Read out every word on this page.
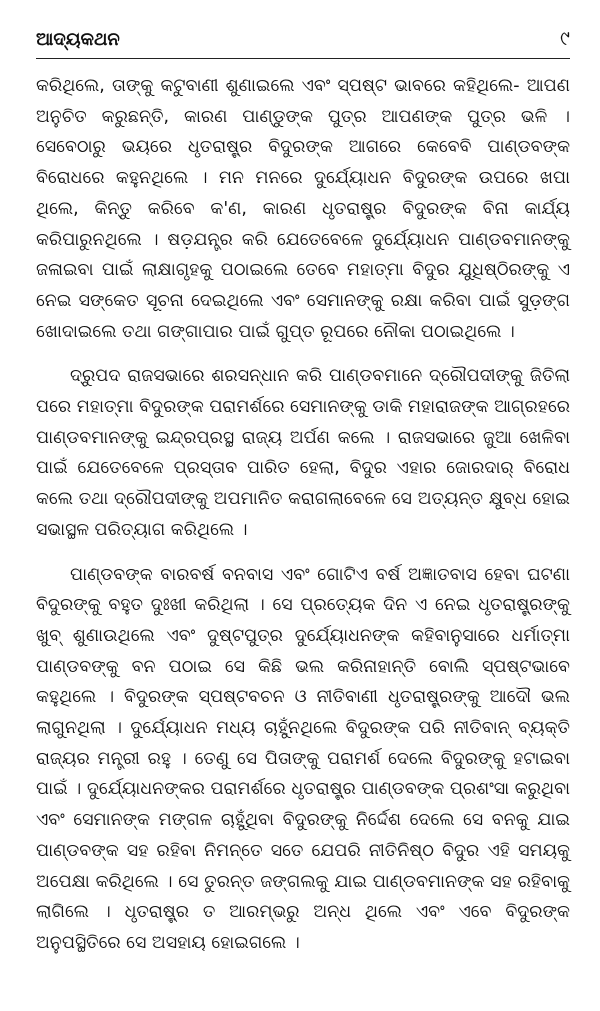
ଆଦ୍ୟକଥନ	୯

କରିଥିଲେ, ତାଙ୍କୁ କଟୁବାଣୀ ଶୁଣାଇଲେ ଏବଂ ସ୍ପଷ୍ଟ ଭାବରେ କହିଥିଲେ- ଆପଣ ଅନୁଚିତ କରୁଛନ୍ତି, କାରଣ ପାଣ୍ଡୁଙ୍କ ପୁତ୍ର ଆପଣଙ୍କ ପୁତ୍ର ଭଳି । ସେବେଠାରୁ ଭୟରେ ଧୃତରାଷ୍ଟ୍ର ବିଦୁରଙ୍କ ଆଗରେ କେବେବି ପାଣ୍ଡବଙ୍କ ବିରୋଧରେ କହୁନଥିଲେ । ମନ ମନରେ ଦୁର୍ଯ୍ୟୋଧନ ବିଦୁରଙ୍କ ଉପରେ ଖପା ଥିଲେ, କିନ୍ତୁ କରିବେ କ'ଣ, କାରଣ ଧୃତରାଷ୍ଟ୍ର ବିଦୁରଙ୍କ ବିନା କାର୍ଯ୍ୟ କରିପାରୁନଥିଲେ । ଷଡ଼ଯନ୍ତ୍ର କରି ଯେତେବେଳେ ଦୁର୍ଯ୍ୟୋଧନ ପାଣ୍ଡବମାନଙ୍କୁ ଜଳାଇବା ପାଇଁ ଲାକ୍ଷାଗୃହକୁ ପଠାଇଲେ ତେବେ ମହାତ୍ମା ବିଦୁର ଯୁଧିଷ୍ଠିରଙ୍କୁ ଏ ନେଇ ସଙ୍କେତ ସୂଚନା ଦେଇଥିଲେ ଏବଂ ସେମାନଙ୍କୁ ରକ୍ଷା କରିବା ପାଇଁ ସୁଡ଼ଙ୍ଗ ଖୋଦାଇଲେ ତଥା ଗଙ୍ଗାପାର ପାଇଁ ଗୁପ୍ତ ରୂପରେ ନୌକା ପଠାଇଥିଲେ ।

ଦ୍ରୁପଦ ରାଜସଭାରେ ଶରସନ୍ଧାନ କରି ପାଣ୍ଡବମାନେ ଦ୍ରୌପଦୀଙ୍କୁ ଜିତିଲା ପରେ ମହାତ୍ମା ବିଦୁରଙ୍କ ପରାମର୍ଶରେ ସେମାନଙ୍କୁ ଡାକି ମହାରାଜଙ୍କ ଆଗ୍ରହରେ ପାଣ୍ଡବମାନଙ୍କୁ ଇନ୍ଦ୍ରପ୍ରସ୍ଥ ରାଜ୍ୟ ଅର୍ପଣ କଲେ । ରାଜସଭାରେ ଜୁଆ ଖେଳିବା ପାଇଁ ଯେତେବେଳେ ପ୍ରସ୍ତାବ ପାରିତ ହେଲା, ବିଦୁର ଏହାର ଜୋରଦାର୍ ବିରୋଧ କଲେ ତଥା ଦ୍ରୌପଦୀଙ୍କୁ ଅପମାନିତ କରାଗଲାବେଳେ ସେ ଅତ୍ୟନ୍ତ କ୍ଷୁବ୍ଧ ହୋଇ ସଭାସ୍ଥଳ ପରିତ୍ୟାଗ କରିଥିଲେ ।

ପାଣ୍ଡବଙ୍କ ବାରବର୍ଷ ବନବାସ ଏବଂ ଗୋଟିଏ ବର୍ଷ ଅଜ୍ଞାତବାସ ହେବା ଘଟଣା ବିଦୁରଙ୍କୁ ବହୁତ ଦୁଃଖୀ କରିଥିଲା । ସେ ପ୍ରତ୍ୟେକ ଦିନ ଏ ନେଇ ଧୃତରାଷ୍ଟ୍ରଙ୍କୁ ଖୁବ୍ ଶୁଣାଉଥିଲେ ଏବଂ ଦୁଷ୍ଟପୁତ୍ର ଦୁର୍ଯ୍ୟୋଧନଙ୍କ କହିବାନୁସାରେ ଧର୍ମାତ୍ମା ପାଣ୍ଡବଙ୍କୁ ବନ ପଠାଇ ସେ କିଛି ଭଲ କରିନାହାନ୍ତି ବୋଲି ସ୍ପଷ୍ଟଭାବେ କହୁଥିଲେ । ବିଦୁରଙ୍କ ସ୍ପଷ୍ଟବଚନ ଓ ନୀତିବାଣୀ ଧୃତରାଷ୍ଟ୍ରଙ୍କୁ ଆଦୌ ଭଲ ଲାଗୁନଥିଲା । ଦୁର୍ଯ୍ୟୋଧନ ମଧ୍ୟ ଚାହୁଁନଥିଲେ ବିଦୁରଙ୍କ ପରି ନୀତିବାନ୍ ବ୍ୟକ୍ତି ରାଜ୍ୟର ମନ୍ତ୍ରୀ ରହୁ । ତେଣୁ ସେ ପିତାଙ୍କୁ ପରାମର୍ଶ ଦେଲେ ବିଦୁରଙ୍କୁ ହଟାଇବା ପାଇଁ । ଦୁର୍ଯ୍ୟୋଧନଙ୍କର ପରାମର୍ଶରେ ଧୃତରାଷ୍ଟ୍ର ପାଣ୍ଡବଙ୍କ ପ୍ରଶଂସା କରୁଥିବା ଏବଂ ସେମାନଙ୍କ ମଙ୍ଗଳ ଚାହୁଁଥିବା ବିଦୁରଙ୍କୁ ନିର୍ଦ୍ଦେଶ ଦେଲେ ସେ ବନକୁ ଯାଇ ପାଣ୍ଡବଙ୍କ ସହ ରହିବା ନିମନ୍ତେ ସତେ ଯେପରି ନୀତିନିଷ୍ଠ ବିଦୁର ଏହି ସମୟକୁ ଅପେକ୍ଷା କରିଥିଲେ । ସେ ତୁରନ୍ତ ଜଙ୍ଗଲକୁ ଯାଇ ପାଣ୍ଡବମାନଙ୍କ ସହ ରହିବାକୁ ଲାଗିଲେ । ଧୃତରାଷ୍ଟ୍ର ତ ଆରମ୍ଭରୁ ଅନ୍ଧ ଥିଲେ ଏବଂ ଏବେ ବିଦୁରଙ୍କ ଅନୁପସ୍ଥିତିରେ ସେ ଅସହାୟ ହୋଇଗଲେ ।
